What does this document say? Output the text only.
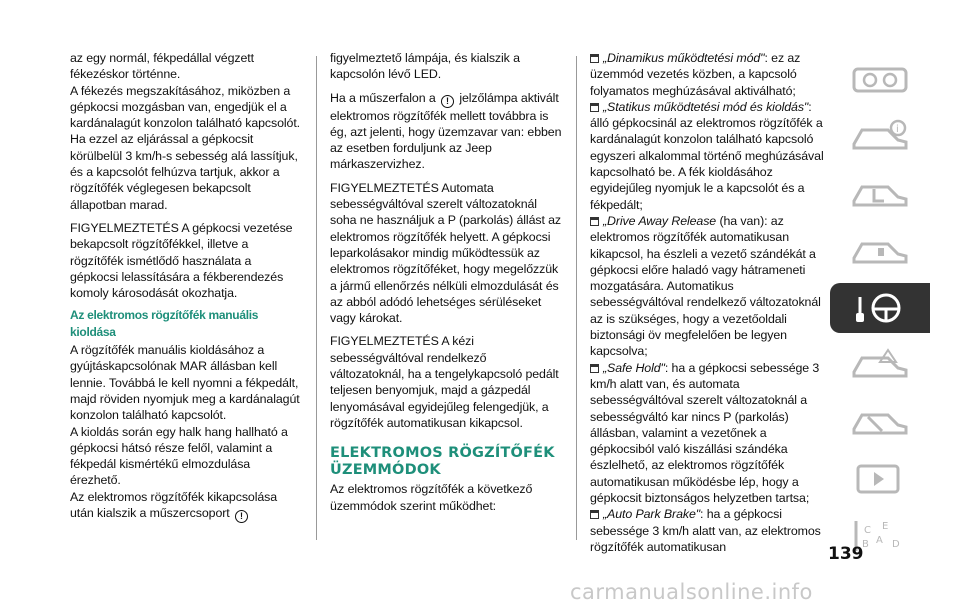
az egy normál, fékpedállal végzett fékezéskor történne.

A fékezés megszakításához, miközben a gépkocsi mozgásban van, engedjük el a kardánalagút konzolon található kapcsolót.

Ha ezzel az eljárással a gépkocsit körülbelül 3 km/h-s sebesség alá lassítjuk, és a kapcsolót felhúzva tartjuk, akkor a rögzítőfék véglegesen bekapcsolt állapotban marad.

FIGYELMEZTETÉS A gépkocsi vezetése bekapcsolt rögzítőfékkel, illetve a rögzítőfék ismétlődő használata a gépkocsi lelassítására a fékberendezés komoly károsodását okozhatja.

Az elektromos rögzítőfék manuális kioldása

A rögzítőfék manuális kioldásához a gyújtáskapcsolónak MAR állásban kell lennie. Továbbá le kell nyomni a fékpedált, majd röviden nyomjuk meg a kardánalagút konzolon található kapcsolót.

A kioldás során egy halk hang hallható a gépkocsi hátsó része felől, valamint a fékpedál kismértékű elmozdulása érezhető.

Az elektromos rögzítőfék kikapcsolása után kialszik a műszercsoport !

figyelmeztető lámpája, és kialszik a kapcsolón lévő LED.

Ha a műszerfalon a ! jelzőlámpa aktivált elektromos rögzítőfék mellett továbbra is ég, azt jelenti, hogy üzemzavar van: ebben az esetben forduljunk az Jeep márkaszervizhez.

FIGYELMEZTETÉS Automata sebességváltóval szerelt változatoknál soha ne használjuk a P (parkolás) állást az elektromos rögzítőfék helyett. A gépkocsi leparkolásakor mindig működtessük az elektromos rögzítőféket, hogy megelőzzük a jármű ellenőrzés nélküli elmozdulását és az abból adódó lehetséges sérüléseket vagy károkat.

FIGYELMEZTETÉS A kézi sebességváltóval rendelkező változatoknál, ha a tengelykapcsoló pedált teljesen benyomjuk, majd a gázpedál lenyomásával egyidejűleg felengedjük, a rögzítőfék automatikusan kikapcsol.

ELEKTROMOS RÖGZÍTŐFÉK ÜZEMMÓDOK

Az elektromos rögzítőfék a következő üzemmódok szerint működhet:

„Dinamikus működtetési mód": ez az üzemmód vezetés közben, a kapcsoló folyamatos meghúzásával aktiválható;

„Statikus működtetési mód és kioldás": álló gépkocsinál az elektromos rögzítőfék a kardánalagút konzolon található kapcsoló egyszeri alkalommal történő meghúzásával kapcsolható be. A fék kioldásához egyidejűleg nyomjuk le a kapcsolót és a fékpedált;

„Drive Away Release (ha van): az elektromos rögzítőfék automatikusan kikapcsol, ha észleli a vezető szándékát a gépkocsi előre haladó vagy hátrameneti mozgatására. Automatikus sebességváltóval rendelkező változatoknál az is szükséges, hogy a vezetőoldali biztonsági öv megfelelően be legyen kapcsolva;

„Safe Hold": ha a gépkocsi sebessége 3 km/h alatt van, és automata sebességváltóval szerelt változatoknál a sebességváltó kar nincs P (parkolás) állásban, valamint a vezetőnek a gépkocsiból való kiszállási szándéka észlelhető, az elektromos rögzítőfék automatikusan működésbe lép, hogy a gépkocsit biztonságos helyzetben tartsa;

„Auto Park Brake": ha a gépkocsi sebessége 3 km/h alatt van, az elektromos rögzítőfék automatikusan

i
C E
B A D
139
carmanualsonline.info
